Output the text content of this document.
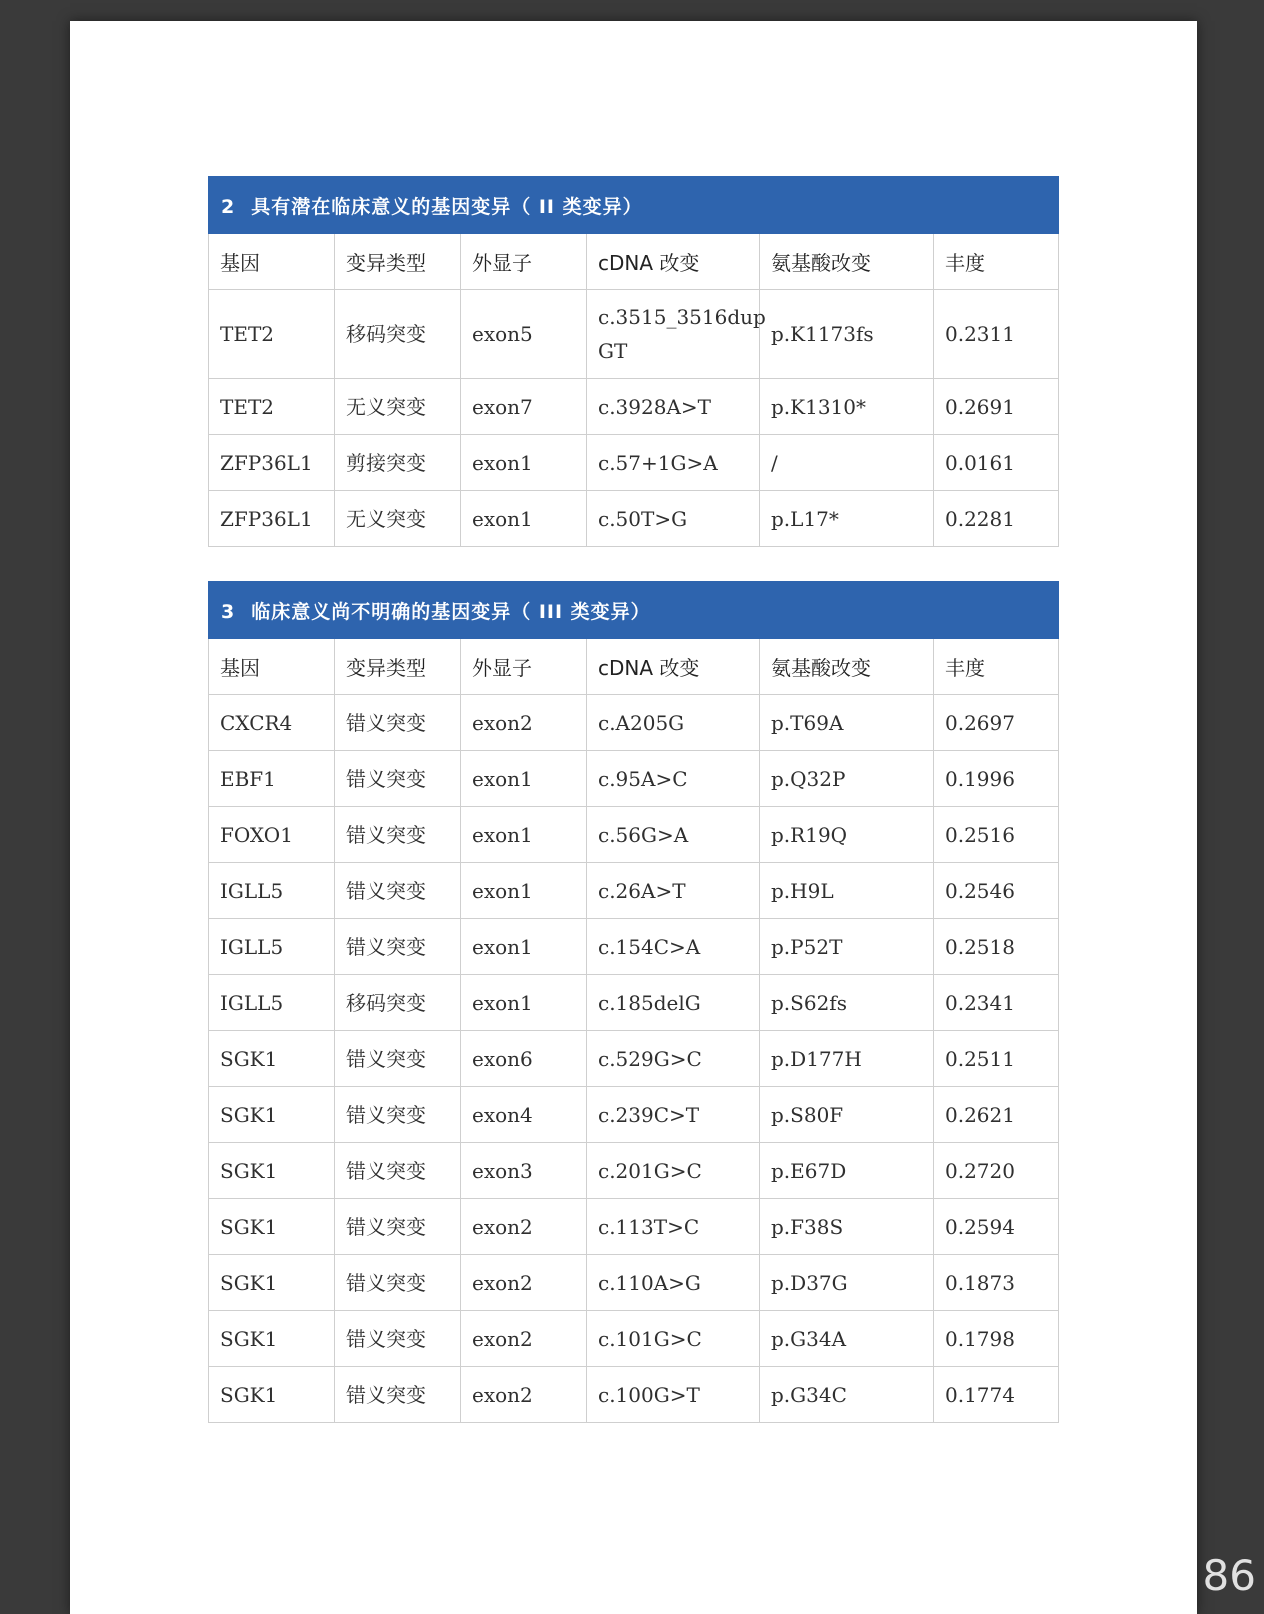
2 具有潜在临床意义的基因变异（ II 类变异）					
基因	变异类型	外显子	cDNA 改变	氨基酸改变	丰度
TET2	移码突变	exon5	c.3515_3516dup GT	p.K1173fs	0.2311
TET2	无义突变	exon7	c.3928A>T	p.K1310*	0.2691
ZFP36L1	剪接突变	exon1	c.57+1G>A	/	0.0161
ZFP36L1	无义突变	exon1	c.50T>G	p.L17*	0.2281
3 临床意义尚不明确的基因变异（ III 类变异）					
基因	变异类型	外显子	cDNA 改变	氨基酸改变	丰度
CXCR4	错义突变	exon2	c.A205G	p.T69A	0.2697
EBF1	错义突变	exon1	c.95A>C	p.Q32P	0.1996
FOXO1	错义突变	exon1	c.56G>A	p.R19Q	0.2516
IGLL5	错义突变	exon1	c.26A>T	p.H9L	0.2546
IGLL5	错义突变	exon1	c.154C>A	p.P52T	0.2518
IGLL5	移码突变	exon1	c.185delG	p.S62fs	0.2341
SGK1	错义突变	exon6	c.529G>C	p.D177H	0.2511
SGK1	错义突变	exon4	c.239C>T	p.S80F	0.2621
SGK1	错义突变	exon3	c.201G>C	p.E67D	0.2720
SGK1	错义突变	exon2	c.113T>C	p.F38S	0.2594
SGK1	错义突变	exon2	c.110A>G	p.D37G	0.1873
SGK1	错义突变	exon2	c.101G>C	p.G34A	0.1798
SGK1	错义突变	exon2	c.100G>T	p.G34C	0.1774
86
